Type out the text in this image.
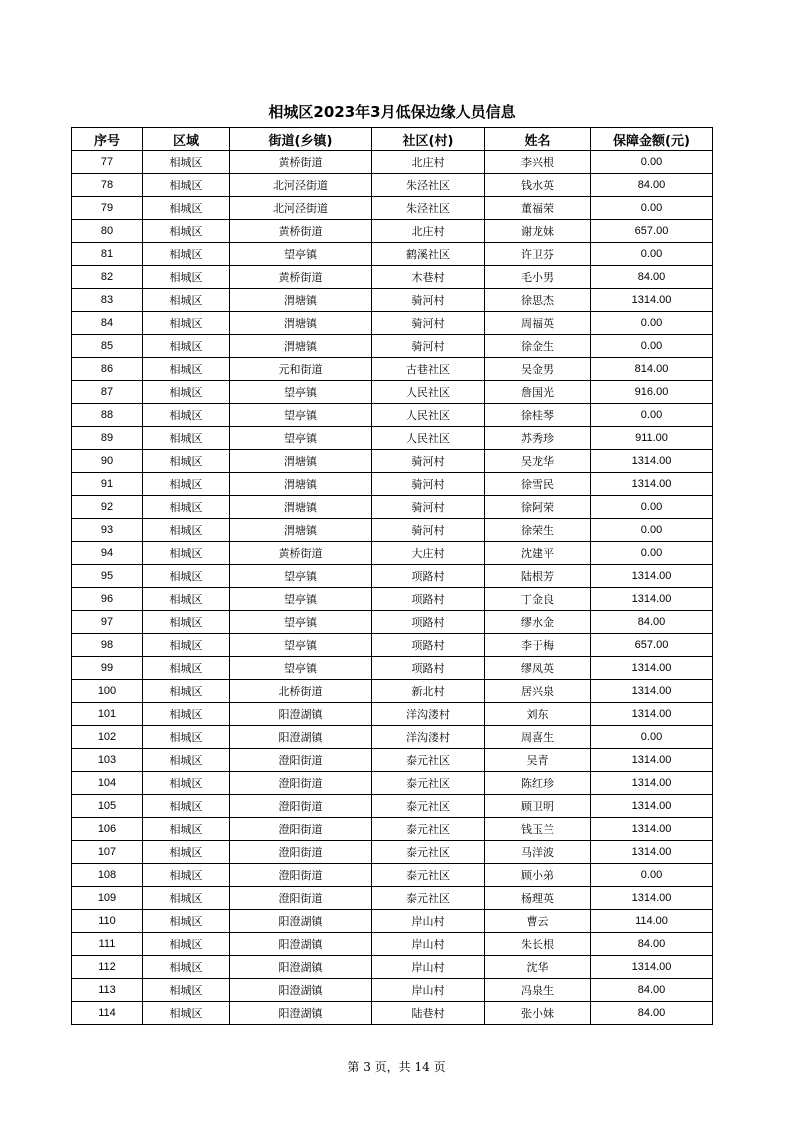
相城区2023年3月低保边缘人员信息
序号	区域	街道(乡镇)	社区(村)	姓名	保障金额(元)
77	相城区	黄桥街道	北庄村	李兴根	0.00
78	相城区	北河泾街道	朱泾社区	钱水英	84.00
79	相城区	北河泾街道	朱泾社区	董福荣	0.00
80	相城区	黄桥街道	北庄村	谢龙妹	657.00
81	相城区	望亭镇	鹤溪社区	许卫芬	0.00
82	相城区	黄桥街道	木巷村	毛小男	84.00
83	相城区	渭塘镇	骑河村	徐思杰	1314.00
84	相城区	渭塘镇	骑河村	周福英	0.00
85	相城区	渭塘镇	骑河村	徐金生	0.00
86	相城区	元和街道	古巷社区	吴金男	814.00
87	相城区	望亭镇	人民社区	詹国光	916.00
88	相城区	望亭镇	人民社区	徐桂琴	0.00
89	相城区	望亭镇	人民社区	苏秀珍	911.00
90	相城区	渭塘镇	骑河村	吴龙华	1314.00
91	相城区	渭塘镇	骑河村	徐雪民	1314.00
92	相城区	渭塘镇	骑河村	徐阿荣	0.00
93	相城区	渭塘镇	骑河村	徐荣生	0.00
94	相城区	黄桥街道	大庄村	沈建平	0.00
95	相城区	望亭镇	项路村	陆根芳	1314.00
96	相城区	望亭镇	项路村	丁金良	1314.00
97	相城区	望亭镇	项路村	缪水金	84.00
98	相城区	望亭镇	项路村	李于梅	657.00
99	相城区	望亭镇	项路村	缪凤英	1314.00
100	相城区	北桥街道	新北村	居兴泉	1314.00
101	相城区	阳澄湖镇	洋沟溇村	刘东	1314.00
102	相城区	阳澄湖镇	洋沟溇村	周喜生	0.00
103	相城区	澄阳街道	泰元社区	吴青	1314.00
104	相城区	澄阳街道	泰元社区	陈红珍	1314.00
105	相城区	澄阳街道	泰元社区	顾卫明	1314.00
106	相城区	澄阳街道	泰元社区	钱玉兰	1314.00
107	相城区	澄阳街道	泰元社区	马洋波	1314.00
108	相城区	澄阳街道	泰元社区	顾小弟	0.00
109	相城区	澄阳街道	泰元社区	杨理英	1314.00
110	相城区	阳澄湖镇	岸山村	曹云	114.00
111	相城区	阳澄湖镇	岸山村	朱长根	84.00
112	相城区	阳澄湖镇	岸山村	沈华	1314.00
113	相城区	阳澄湖镇	岸山村	冯泉生	84.00
114	相城区	阳澄湖镇	陆巷村	张小妹	84.00
第 3 页，共 14 页
